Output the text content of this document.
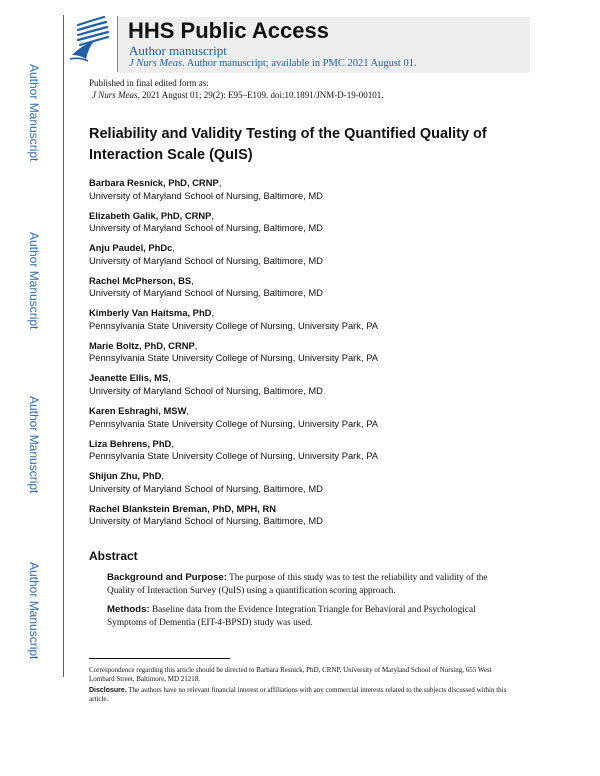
HHS Public Access
Author manuscript
J Nurs Meas. Author manuscript; available in PMC 2021 August 01.
Author Manuscript
Author Manuscript
Author Manuscript
Author Manuscript
Published in final edited form as:
J Nurs Meas. 2021 August 01; 29(2): E95–E109. doi:10.1891/JNM-D-19-00101.
Reliability and Validity Testing of the Quantified Quality of Interaction Scale (QuIS)
Barbara Resnick, PhD, CRNP,
University of Maryland School of Nursing, Baltimore, MD
Elizabeth Galik, PhD, CRNP,
University of Maryland School of Nursing, Baltimore, MD
Anju Paudel, PhDc,
University of Maryland School of Nursing, Baltimore, MD
Rachel McPherson, BS,
University of Maryland School of Nursing, Baltimore, MD
Kimberly Van Haitsma, PhD,
Pennsylvania State University College of Nursing, University Park, PA
Marie Boltz, PhD, CRNP,
Pennsylvania State University College of Nursing, University Park, PA
Jeanette Ellis, MS,
University of Maryland School of Nursing, Baltimore, MD
Karen Eshraghi, MSW,
Pennsylvania State University College of Nursing, University Park, PA
Liza Behrens, PhD,
Pennsylvania State University College of Nursing, University Park, PA
Shijun Zhu, PhD,
University of Maryland School of Nursing, Baltimore, MD
Rachel Blankstein Breman, PhD, MPH, RN
University of Maryland School of Nursing, Baltimore, MD
Abstract
Background and Purpose: The purpose of this study was to test the reliability and validity of the Quality of Interaction Survey (QuIS) using a quantification scoring approach.
Methods: Baseline data from the Evidence Integration Triangle for Behavioral and Psychological Symptoms of Dementia (EIT-4-BPSD) study was used.
Correspondence regarding this article should be directed to Barbara Resnick, PhD, CRNP, University of Maryland School of Nursing, 655 West Lombard Street, Baltimore, MD 21218.
Disclosure. The authors have no relevant financial interest or affiliations with any commercial interests related to the subjects discussed within this article.
